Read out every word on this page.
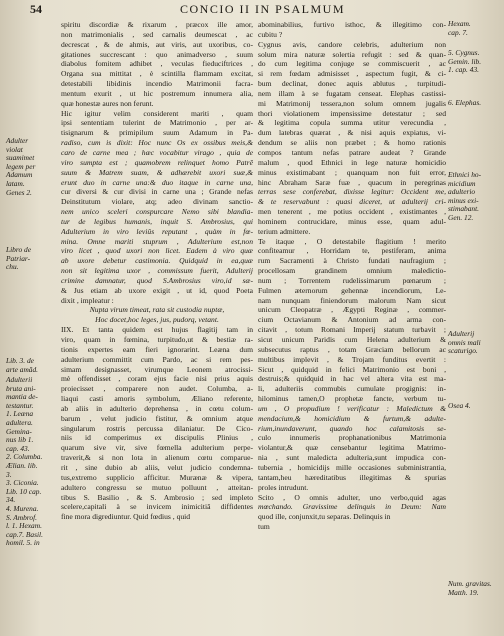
54	CONCIO II IN PSALMUM
Adulter
violat
suamimet
legem per
Adamum
latam.
Genes 2.
Libro de
Patriar-
chu.
Lib. 3. de
arte amād.
Adulterii
bruta ani-
mantia de-
testantur.
1. Leæna
adultera.
Gemina-
nus lib 1.
cap. 43.
2. Columba.
Ælian. lib.
3.
3. Ciconia.
Lib. 10 cap.
34.
4. Murena.
S. Ambrof.
l. 1. Hexam.
cap.7. Basil.
homil. 5. in
spiritu discordiæ & rixarum , præcox ille amor,
non matrimonialis , sed carnalis deumescat , ac
decrescat , & de ahmis, aut viris, aut uxoribus, co-
gitationes succrescant : quo animadverso , suum
diabolus fomitem adhibet , veculas fieduciftrices ,
Organa sua mittitat , è scintilla flammam excitat,
detestabili libidinis incendio Matrimonii facra-
mentum exurit , ut hic postremum innumera alia,
quæ honestæ aures non ferunt.
Hic igitur velim considerent mariti , quam
ipsi sententiam tulerint de Matrimonio , per ar-
tisignarum & primipilum suum Adamum in Pa-
radiso, cum is dixit: Hoc nunc Os ex ossibus meis,&
caro de carne mea ; hæc vocabitur virago , quia de
viro sumpta est ; quamobrem relinquet homo Patrē
suum & Matrem suam, & adhærebit uxori suæ,&
erunt duo in carne una:& duo itaque in carne una,
cur diversi & cur divisi in carne una ; Grande nefas
Deinstitutum violare, atq; adeo divinam sanctio-
nem unico sceleri conspurcare Nemo sibi blandia-
tur de legibus humanis, inquit S. Ambrosius, qui
Adulterium in viro leviûs reputant , quàm in fœ-
mina. Omne mariti stuprum , Adulterium est,non
viro licet , quod uxori non licet. Eadem à viro quæ
ab uxore debetur castimonia. Quidquid in ea,quæ
non sit legitima uxor , commissum fuerit, Adulterij
crimine damnatur, quod S.Ambrosius viro,id sæ-
& Jus etiam ab uxore exigit , ut id, quod Poeta
dixit , impleatur :
Nupta virum timeat, rata sit custodia nuptæ,
Hoc docet,hoc leges, jus, pudorq, vetant.
IIX. Et tanta quidem est hujus flagitij tam in
viro, quam in fœmina, turpitudo,ut & bestiæ ra-
tionis expertes eam fieri ignorarint. Leæna dum
adulterium committit cum Pardo, ac si rem pes-
simam designasset, virumque Leonem atrocissi-
mè offendisset , coram ejus facie nisi prius aquis
proiecisset , comparere non audet. Columba, a-
liaqui casti amoris symbolum, Æliano referente,
ab aliis in adulterio deprehensa , in cœtu colum-
barum , velut judicio fistitur, & omnium atque
singularum rostris percussa dilaniatur. De Cico-
niis id comperimus ex discipulis Plinius ,
quarum sive vir, sive fœmella adulterium perpe-
traverit,& si non lota in alienum cœtu comparue-
rit , sine dubio ab aliis, velut judicio condemna-
tus,extremo supplicio afficitur. Murænæ & vipera,
adultero congressu se mutuo polluunt , atteitan-
tibus S. Basilio , & S. Ambrosio ; sed impleto
scelere,capitali à se invicem inimicitiâ diffidentes
fine mora digrediuntur. Quid fœdius , quid
abominabilius, furtivo isthoc, & illegitimo con-
cubitu ?
Cygnus avis, candore celebris, adulterium non
solum mira naturæ solertia refugit : sed & quan-
do cum legitima conjuge se commiscuerit , ac
si rem fœdam admisisset , aspectum fugit, & ci-
bum declinat, donec aquis ablutus , turpitudi-
nem illam à se fugatam censeat. Elephas castissi-
mi Matrimonij tessera,non solum omnem jugalis
thori violationem impensissime detestatur ; sed
& legitima copula summa utitur verecundia ,
dum latebras quærat , & nisi aquis expiatus, vi-
dendum se aliis non præbet ; & homo rationis
compos tantum nefas patrare audeat ? Grande
malum , quod Ethnici in lege naturæ homicidio
minus existimabant ; quanquam non fuit error,
hinc Abraham Saræ fuæ , quacum in peregrinas
terras sese conferebat, dixisse legitur: Occident me,
& te reservabunt : quasi diceret, ut adulterij cri-
men tenerent , me potius occident , existimantes ,
hominem contrucidare, minus esse, quam adul-
terium admittere.
Te itaque , O detestabile flagitium ! merito
confiteamur , Horridam te, pestiferam, anima
rum Sacramenti à Christo fundati naufragium ;
procellosam grandinem omnium maledictio-
num ; Torrentem rudelissimarum pœnarum ;
Fulmen æternorum gehennæ incendiorum, Le-
nam nunquam finiendorum malorum Nam sicut
unicum Cleopatræ , Ægypti Reginæ , commer-
cium Octavianum & Antonium ad arma con-
citavit , totum Romani Imperij statum turbavit ;
sicut unicum Paridis cum Helena adulterium &
subsecutus raptus , totam Græciam bellorum ac
multibus implevit , & Trojam funditus evertit :
Sicut , quidquid in felici Matrimonio est boni ,
destruis;& quidquid in hac vel altera vita est ma-
li, adulteriis commubis cumulate progignis: in-
hilominus tamen,O prophetæ fancte, verbum tu-
um , O propudium ! verificatur : Maledictum &
mendacium,& homicidium & furtum,& adulte-
rium,inundaverunt, quando hoc calamitosis se-
culo innumeris prophanationibus Matrimonia
violantur,& quæ censebantur legitima Matrimo-
nia , sunt maledicta adulteria,sunt impudica con-
tubernia , homicidijs mille occasiones subministrantia,
tantam,heu hæreditatibus illegitimas & spurias
proles intrudunt.
Scito , O omnis adulter, uno verbo,quid agas
mœchando. Gravissime delinquis in Deum: Nam
quod ille, conjunxit,tu separas. Delinquis in
tum
Hexam.
cap. 7.
5. Cygnus.
Gemin. lib.
1. cap. 43.
6. Elephas.
Ethnici ho-
micidium
adulterio
minus exi-
stimabant.
Gen. 12.
Osea 4.
Adulterij
omnis mali
scaturigo.
Num. gravitas.
Matth. 19.
